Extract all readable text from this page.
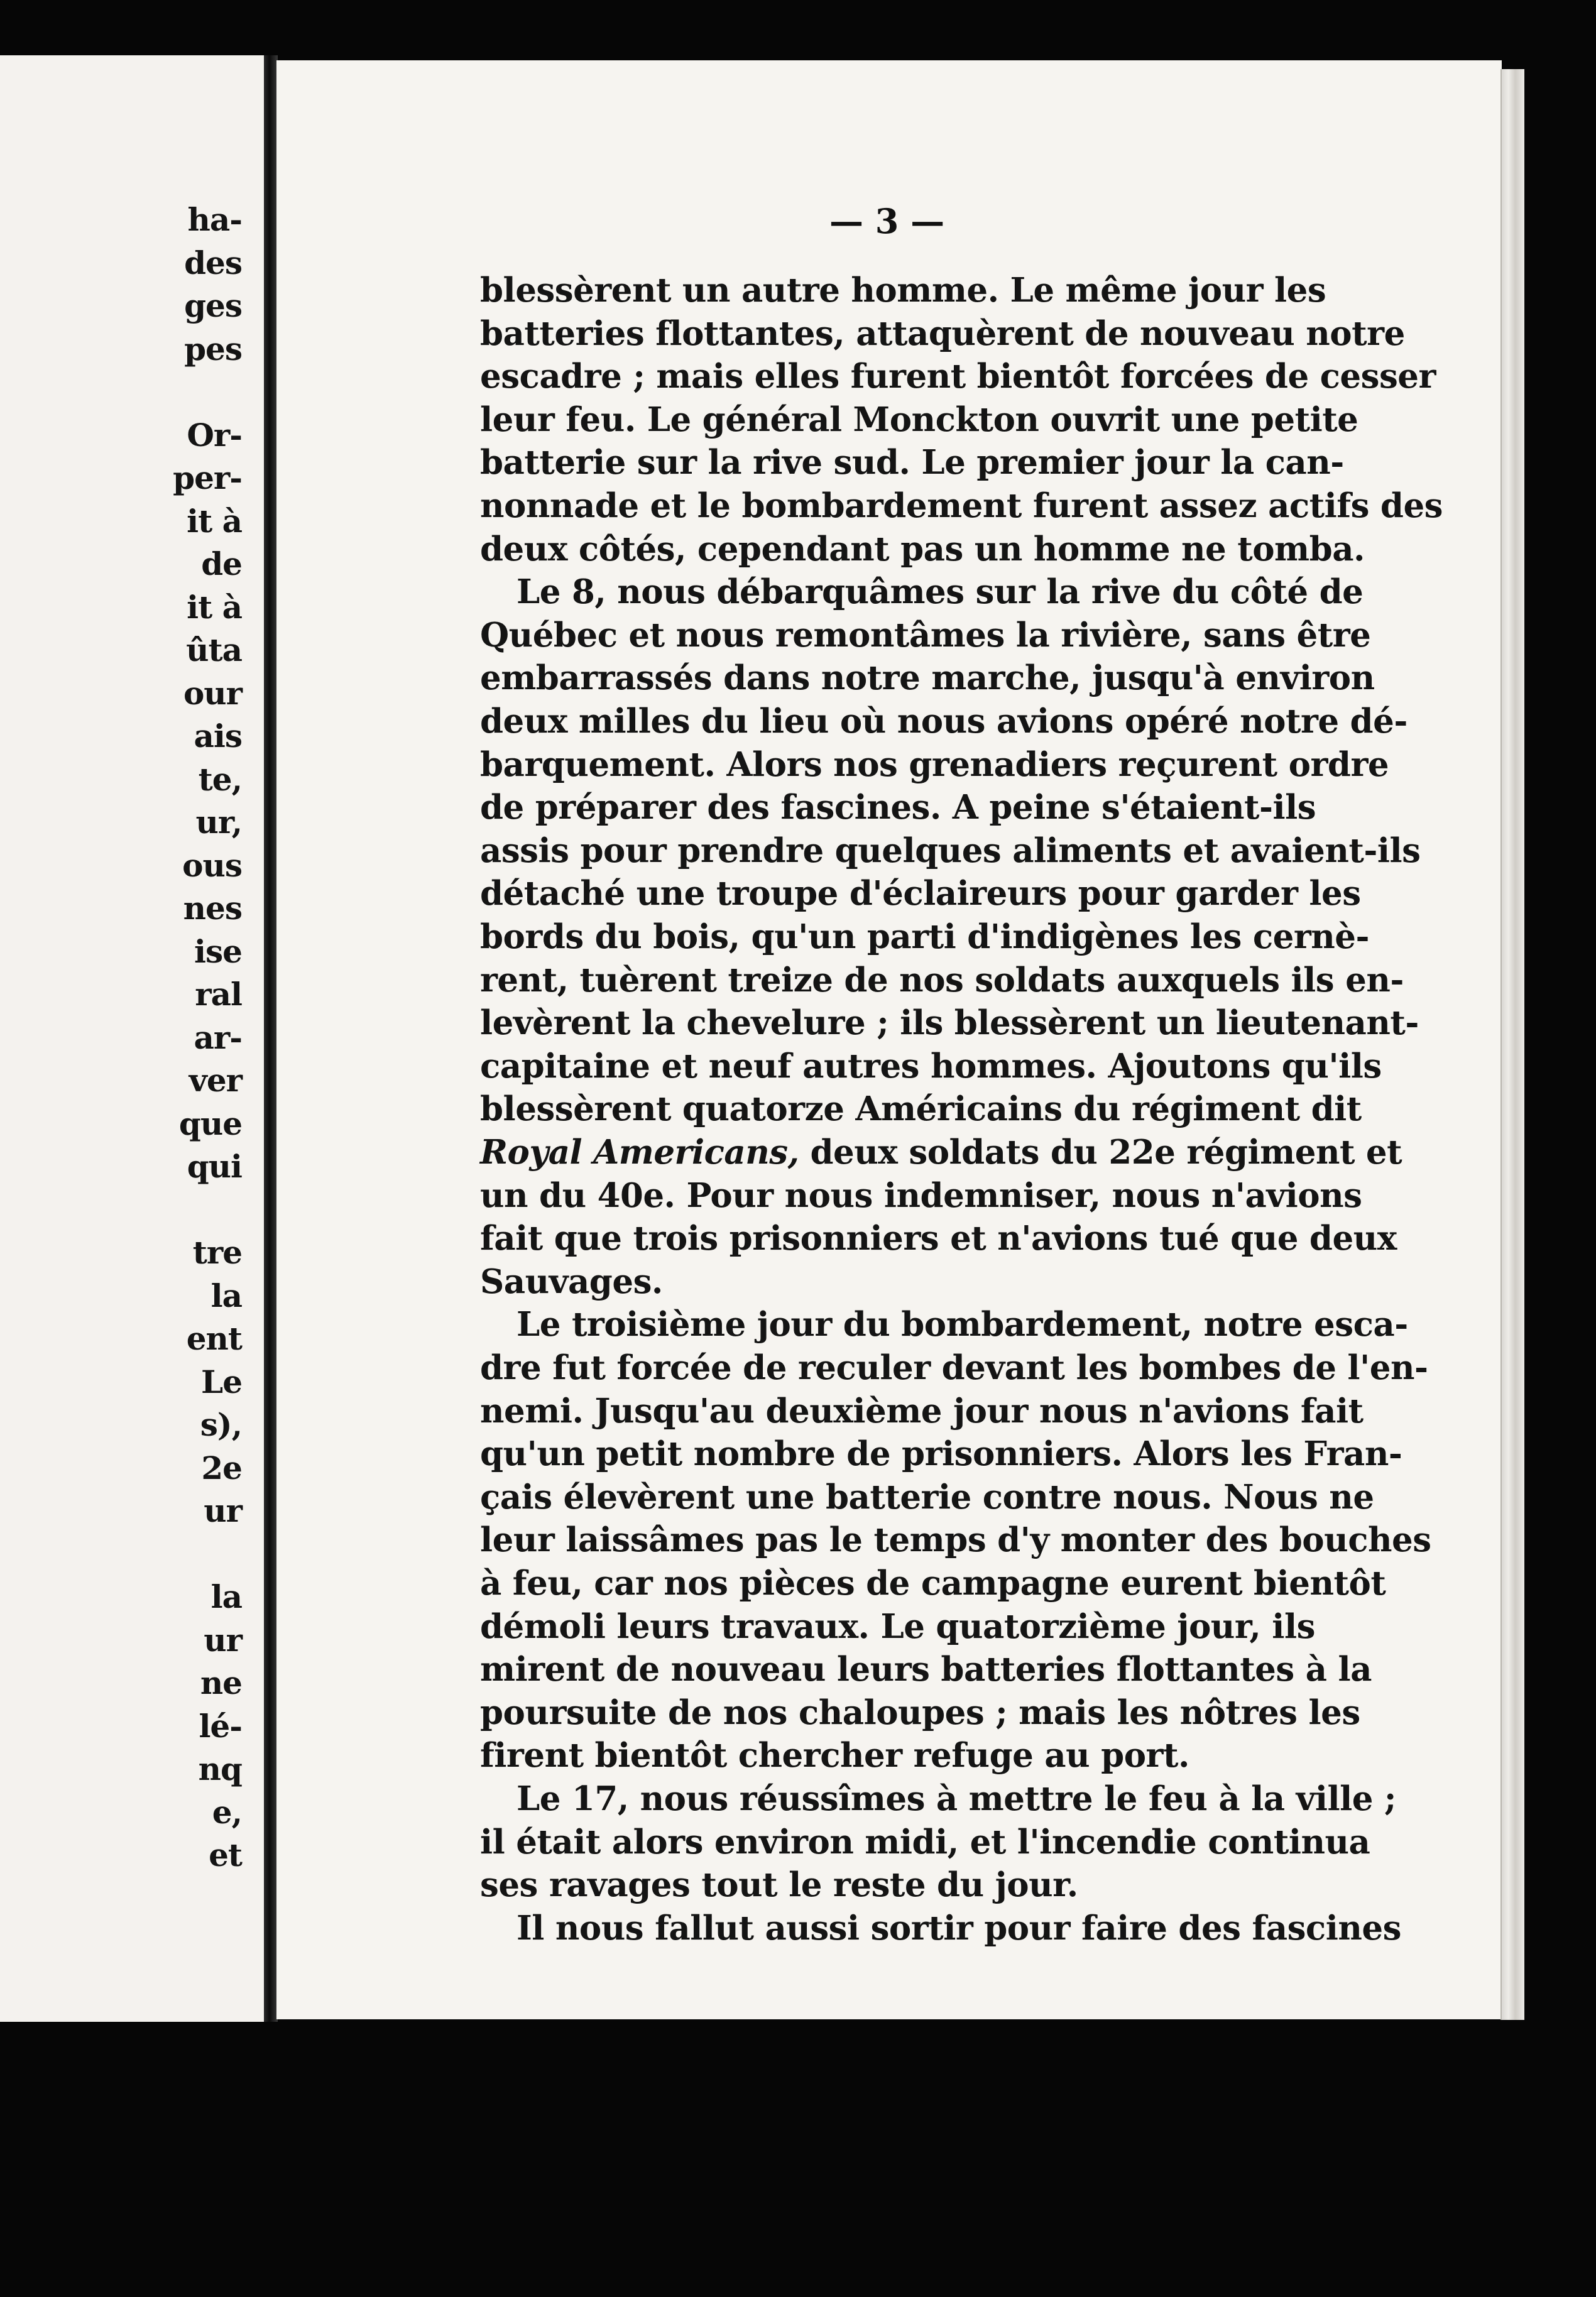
ha-
des
ges
pes
Or-
per-
it à
de
it à
ûta
our
ais
te,
ur,
ous
nes
ise
ral
ar-
ver
que
qui
tre
la
ent
Le
s),
2e
ur
la
ur
ne
lé-
nq
e,
et
— 3 —
blessèrent un autre homme. Le même jour les
batteries flottantes, attaquèrent de nouveau notre
escadre ; mais elles furent bientôt forcées de cesser
leur feu. Le général Monckton ouvrit une petite
batterie sur la rive sud. Le premier jour la can-
nonnade et le bombardement furent assez actifs des
deux côtés, cependant pas un homme ne tomba.
Le 8, nous débarquâmes sur la rive du côté de
Québec et nous remontâmes la rivière, sans être
embarrassés dans notre marche, jusqu'à environ
deux milles du lieu où nous avions opéré notre dé-
barquement. Alors nos grenadiers reçurent ordre
de préparer des fascines. A peine s'étaient-ils
assis pour prendre quelques aliments et avaient-ils
détaché une troupe d'éclaireurs pour garder les
bords du bois, qu'un parti d'indigènes les cernè-
rent, tuèrent treize de nos soldats auxquels ils en-
levèrent la chevelure ; ils blessèrent un lieutenant-
capitaine et neuf autres hommes. Ajoutons qu'ils
blessèrent quatorze Américains du régiment dit
Royal Americans, deux soldats du 22e régiment et
un du 40e. Pour nous indemniser, nous n'avions
fait que trois prisonniers et n'avions tué que deux
Sauvages.
Le troisième jour du bombardement, notre esca-
dre fut forcée de reculer devant les bombes de l'en-
nemi. Jusqu'au deuxième jour nous n'avions fait
qu'un petit nombre de prisonniers. Alors les Fran-
çais élevèrent une batterie contre nous. Nous ne
leur laissâmes pas le temps d'y monter des bouches
à feu, car nos pièces de campagne eurent bientôt
démoli leurs travaux. Le quatorzième jour, ils
mirent de nouveau leurs batteries flottantes à la
poursuite de nos chaloupes ; mais les nôtres les
firent bientôt chercher refuge au port.
Le 17, nous réussîmes à mettre le feu à la ville ;
il était alors environ midi, et l'incendie continua
ses ravages tout le reste du jour.
Il nous fallut aussi sortir pour faire des fascines
